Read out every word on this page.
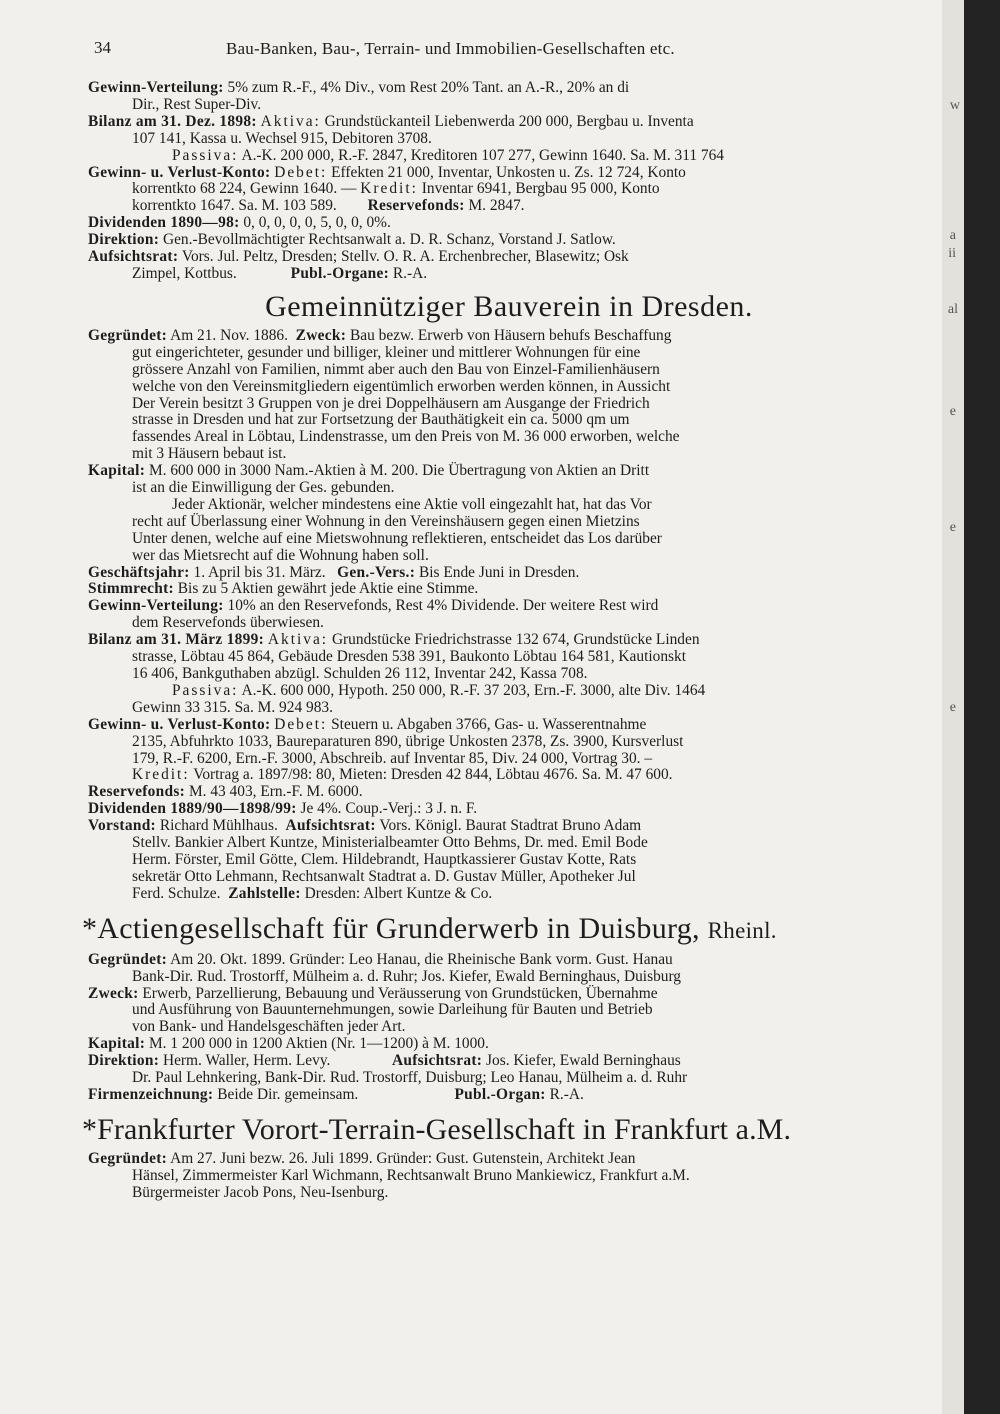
w
a
ii
al
e
e
e
34	Bau-Banken, Bau-, Terrain- und Immobilien-Gesellschaften etc.

Gewinn-Verteilung: 5% zum R.-F., 4% Div., vom Rest 20% Tant. an A.-R., 20% an di

Dir., Rest Super-Div.

Bilanz am 31. Dez. 1898: Aktiva: Grundstückanteil Liebenwerda 200 000, Bergbau u. Inventa

107 141, Kassa u. Wechsel 915, Debitoren 3708.

Passiva: A.-K. 200 000, R.-F. 2847, Kreditoren 107 277, Gewinn 1640. Sa. M. 311 764

Gewinn- u. Verlust-Konto: Debet: Effekten 21 000, Inventar, Unkosten u. Zs. 12 724, Konto

korrentkto 68 224, Gewinn 1640. — Kredit: Inventar 6941, Bergbau 95 000, Konto

korrentkto 1647. Sa. M. 103 589. Reservefonds: M. 2847.

Dividenden 1890—98: 0, 0, 0, 0, 0, 5, 0, 0, 0%.

Direktion: Gen.-Bevollmächtigter Rechtsanwalt a. D. R. Schanz, Vorstand J. Satlow.

Aufsichtsrat: Vors. Jul. Peltz, Dresden; Stellv. O. R. A. Erchenbrecher, Blasewitz; Osk

Zimpel, Kottbus.	Publ.-Organe: R.-A.

Gemeinnütziger Bauverein in Dresden.

Gegründet: Am 21. Nov. 1886. Zweck: Bau bezw. Erwerb von Häusern behufs Beschaffung

gut eingerichteter, gesunder und billiger, kleiner und mittlerer Wohnungen für eine

grössere Anzahl von Familien, nimmt aber auch den Bau von Einzel-Familienhäusern

welche von den Vereinsmitgliedern eigentümlich erworben werden können, in Aussicht

Der Verein besitzt 3 Gruppen von je drei Doppelhäusern am Ausgange der Friedrich

strasse in Dresden und hat zur Fortsetzung der Bauthätigkeit ein ca. 5000 qm um

fassendes Areal in Löbtau, Lindenstrasse, um den Preis von M. 36 000 erworben, welche

mit 3 Häusern bebaut ist.

Kapital: M. 600 000 in 3000 Nam.-Aktien à M. 200. Die Übertragung von Aktien an Dritt

ist an die Einwilligung der Ges. gebunden.

Jeder Aktionär, welcher mindestens eine Aktie voll eingezahlt hat, hat das Vor

recht auf Überlassung einer Wohnung in den Vereinshäusern gegen einen Mietzins

Unter denen, welche auf eine Mietswohnung reflektieren, entscheidet das Los darüber

wer das Mietsrecht auf die Wohnung haben soll.

Geschäftsjahr: 1. April bis 31. März. Gen.-Vers.: Bis Ende Juni in Dresden.

Stimmrecht: Bis zu 5 Aktien gewährt jede Aktie eine Stimme.

Gewinn-Verteilung: 10% an den Reservefonds, Rest 4% Dividende. Der weitere Rest wird

dem Reservefonds überwiesen.

Bilanz am 31. März 1899: Aktiva: Grundstücke Friedrichstrasse 132 674, Grundstücke Linden

strasse, Löbtau 45 864, Gebäude Dresden 538 391, Baukonto Löbtau 164 581, Kautionskt

16 406, Bankguthaben abzügl. Schulden 26 112, Inventar 242, Kassa 708.

Passiva: A.-K. 600 000, Hypoth. 250 000, R.-F. 37 203, Ern.-F. 3000, alte Div. 1464

Gewinn 33 315. Sa. M. 924 983.

Gewinn- u. Verlust-Konto: Debet: Steuern u. Abgaben 3766, Gas- u. Wasserentnahme

2135, Abfuhrkto 1033, Baureparaturen 890, übrige Unkosten 2378, Zs. 3900, Kursverlust

179, R.-F. 6200, Ern.-F. 3000, Abschreib. auf Inventar 85, Div. 24 000, Vortrag 30. –

Kredit: Vortrag a. 1897/98: 80, Mieten: Dresden 42 844, Löbtau 4676. Sa. M. 47 600.

Reservefonds: M. 43 403, Ern.-F. M. 6000.

Dividenden 1889/90—1898/99: Je 4%. Coup.-Verj.: 3 J. n. F.

Vorstand: Richard Mühlhaus. Aufsichtsrat: Vors. Königl. Baurat Stadtrat Bruno Adam

Stellv. Bankier Albert Kuntze, Ministerialbeamter Otto Behms, Dr. med. Emil Bode

Herm. Förster, Emil Götte, Clem. Hildebrandt, Hauptkassierer Gustav Kotte, Rats

sekretär Otto Lehmann, Rechtsanwalt Stadtrat a. D. Gustav Müller, Apotheker Jul

Ferd. Schulze. Zahlstelle: Dresden: Albert Kuntze & Co.

*Actiengesellschaft für Grunderwerb in Duisburg, Rheinl.

Gegründet: Am 20. Okt. 1899. Gründer: Leo Hanau, die Rheinische Bank vorm. Gust. Hanau

Bank-Dir. Rud. Trostorff, Mülheim a. d. Ruhr; Jos. Kiefer, Ewald Berninghaus, Duisburg

Zweck: Erwerb, Parzellierung, Bebauung und Veräusserung von Grundstücken, Übernahme

und Ausführung von Bauunternehmungen, sowie Darleihung für Bauten und Betrieb

von Bank- und Handelsgeschäften jeder Art.

Kapital: M. 1 200 000 in 1200 Aktien (Nr. 1—1200) à M. 1000.

Direktion: Herm. Waller, Herm. Levy.	Aufsichtsrat: Jos. Kiefer, Ewald Berninghaus

Dr. Paul Lehnkering, Bank-Dir. Rud. Trostorff, Duisburg; Leo Hanau, Mülheim a. d. Ruhr

Firmenzeichnung: Beide Dir. gemeinsam.	Publ.-Organ: R.-A.

*Frankfurter Vorort-Terrain-Gesellschaft in Frankfurt a.M.

Gegründet: Am 27. Juni bezw. 26. Juli 1899. Gründer: Gust. Gutenstein, Architekt Jean

Hänsel, Zimmermeister Karl Wichmann, Rechtsanwalt Bruno Mankiewicz, Frankfurt a.M.

Bürgermeister Jacob Pons, Neu-Isenburg.
